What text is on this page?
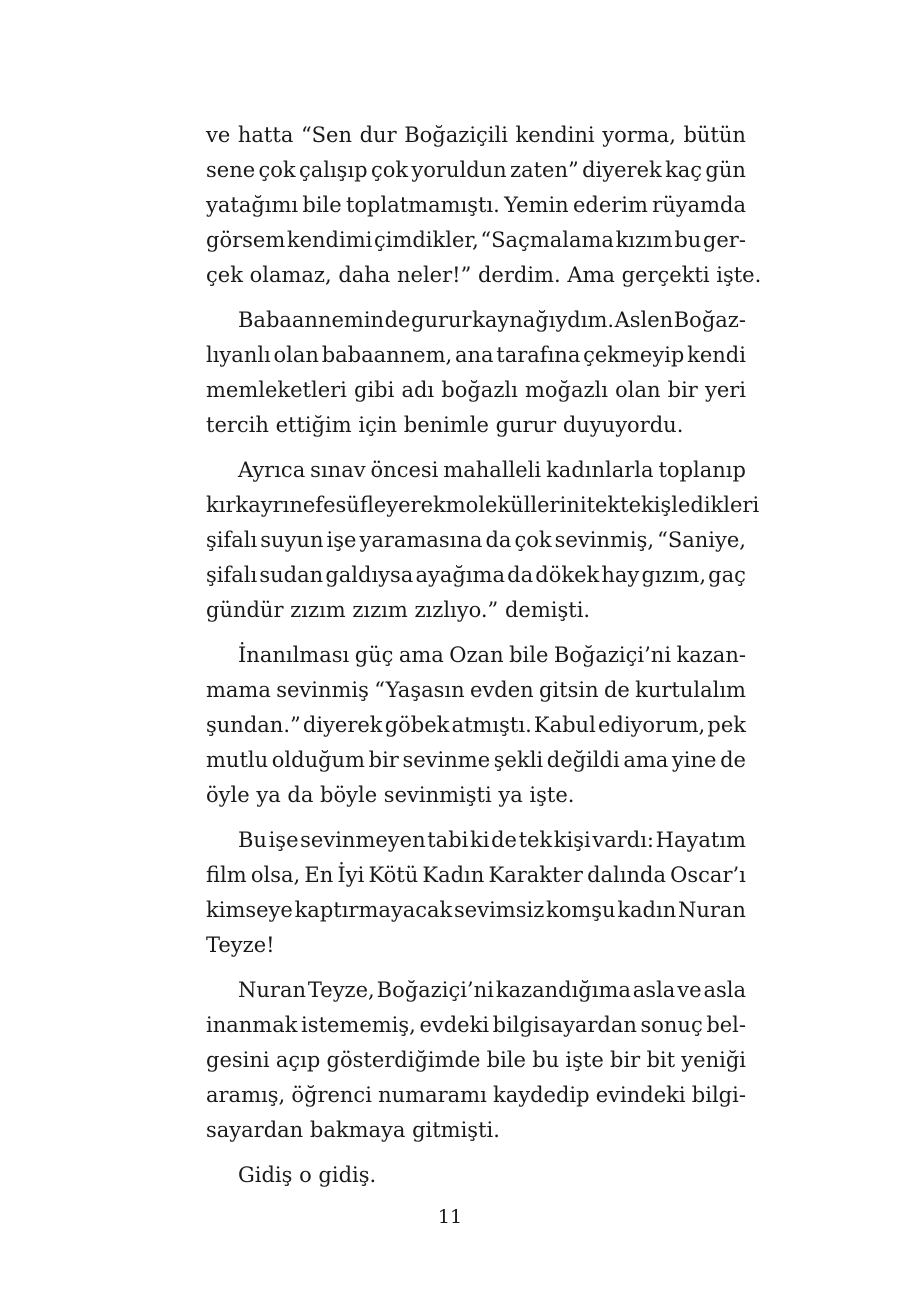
ve hatta “Sen dur Boğaziçili kendini yorma, bütün
sene çok çalışıp çok yoruldun zaten” diyerek kaç gün
yatağımı bile toplatmamıştı. Yemin ederim rüyamda
görsem kendimi çimdikler, “Saçmalama kızım bu ger-
çek olamaz, daha neler!” derdim. Ama gerçekti işte.
Babaannemin de gurur kaynağıydım. Aslen Boğaz-
lıyanlı olan babaannem, ana tarafına çekmeyip kendi
memleketleri gibi adı boğazlı moğazlı olan bir yeri
tercih ettiğim için benimle gurur duyuyordu.
Ayrıca sınav öncesi mahalleli kadınlarla toplanıp
kırk ayrı nefes üfleyerek moleküllerini tek tek işledikleri
şifalı suyun işe yaramasına da çok sevinmiş, “Saniye,
şifalı sudan galdıysa ayağıma da dökek hay gızım, gaç
gündür zızım zızım zızlıyo.” demişti.
İnanılması güç ama Ozan bile Boğaziçi’ni kazan-
mama sevinmiş “Yaşasın evden gitsin de kurtulalım
şundan.” diyerek göbek atmıştı. Kabul ediyorum, pek
mutlu olduğum bir sevinme şekli değildi ama yine de
öyle ya da böyle sevinmişti ya işte.
Bu işe sevinmeyen tabi ki de tek kişi vardı: Hayatım
film olsa, En İyi Kötü Kadın Karakter dalında Oscar’ı
kimseye kaptırmayacak sevimsiz komşu kadın Nuran
Teyze!
Nuran Teyze, Boğaziçi’ni kazandığıma asla ve asla
inanmak istememiş, evdeki bilgisayardan sonuç bel-
gesini açıp gösterdiğimde bile bu işte bir bit yeniği
aramış, öğrenci numaramı kaydedip evindeki bilgi-
sayardan bakmaya gitmişti.
Gidiş o gidiş.
11
